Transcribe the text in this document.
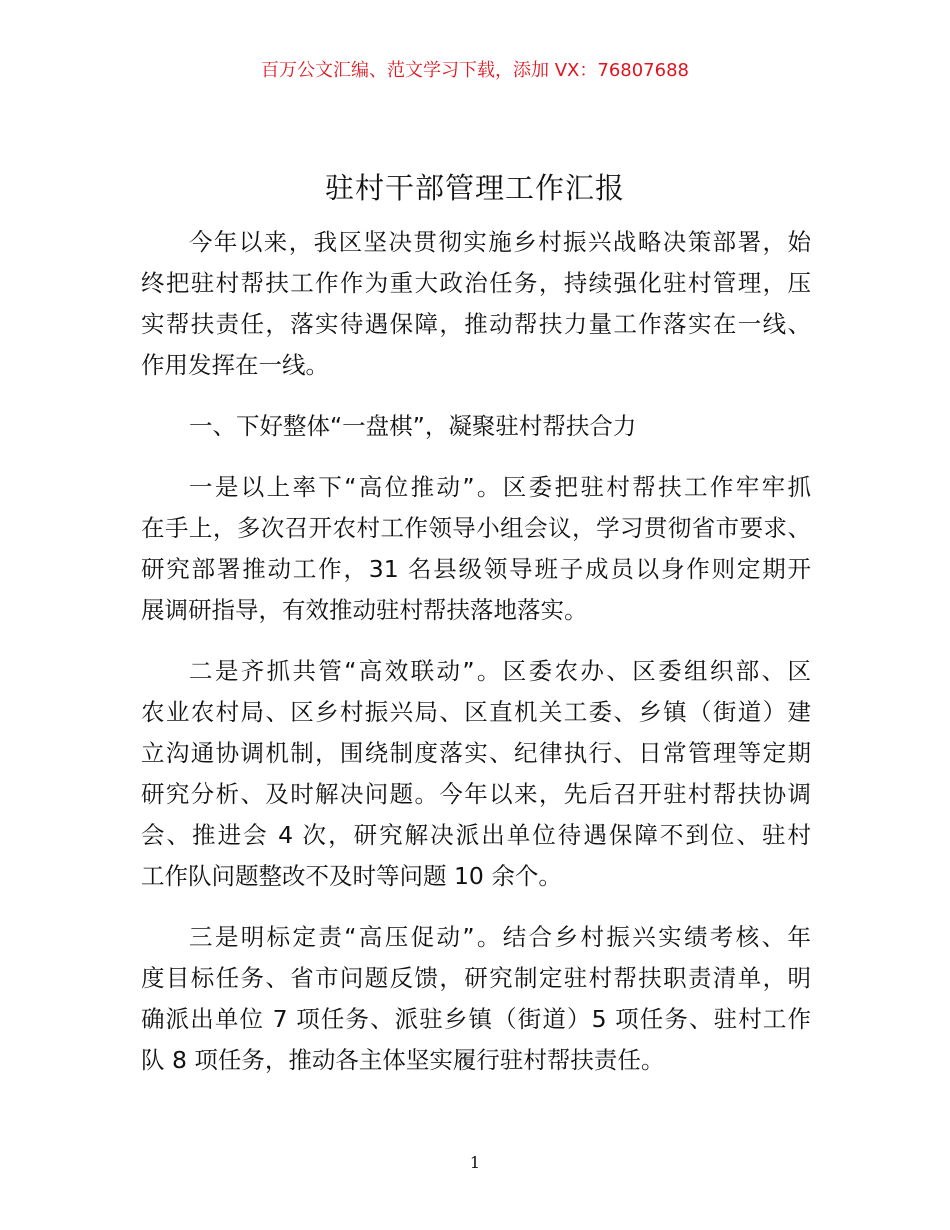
百万公文汇编、范文学习下载，添加 VX：76807688
驻村干部管理工作汇报
今年以来，我区坚决贯彻实施乡村振兴战略决策部署，始
终把驻村帮扶工作作为重大政治任务，持续强化驻村管理，压
实帮扶责任，落实待遇保障，推动帮扶力量工作落实在一线、
作用发挥在一线。
一、下好整体“一盘棋”，凝聚驻村帮扶合力
一是以上率下“高位推动”。区委把驻村帮扶工作牢牢抓
在手上，多次召开农村工作领导小组会议，学习贯彻省市要求、
研究部署推动工作，31 名县级领导班子成员以身作则定期开
展调研指导，有效推动驻村帮扶落地落实。
二是齐抓共管“高效联动”。区委农办、区委组织部、区
农业农村局、区乡村振兴局、区直机关工委、乡镇（街道）建
立沟通协调机制，围绕制度落实、纪律执行、日常管理等定期
研究分析、及时解决问题。今年以来，先后召开驻村帮扶协调
会、推进会 4 次，研究解决派出单位待遇保障不到位、驻村
工作队问题整改不及时等问题 10 余个。
三是明标定责“高压促动”。结合乡村振兴实绩考核、年
度目标任务、省市问题反馈，研究制定驻村帮扶职责清单，明
确派出单位 7 项任务、派驻乡镇（街道）5 项任务、驻村工作
队 8 项任务，推动各主体坚实履行驻村帮扶责任。
1
